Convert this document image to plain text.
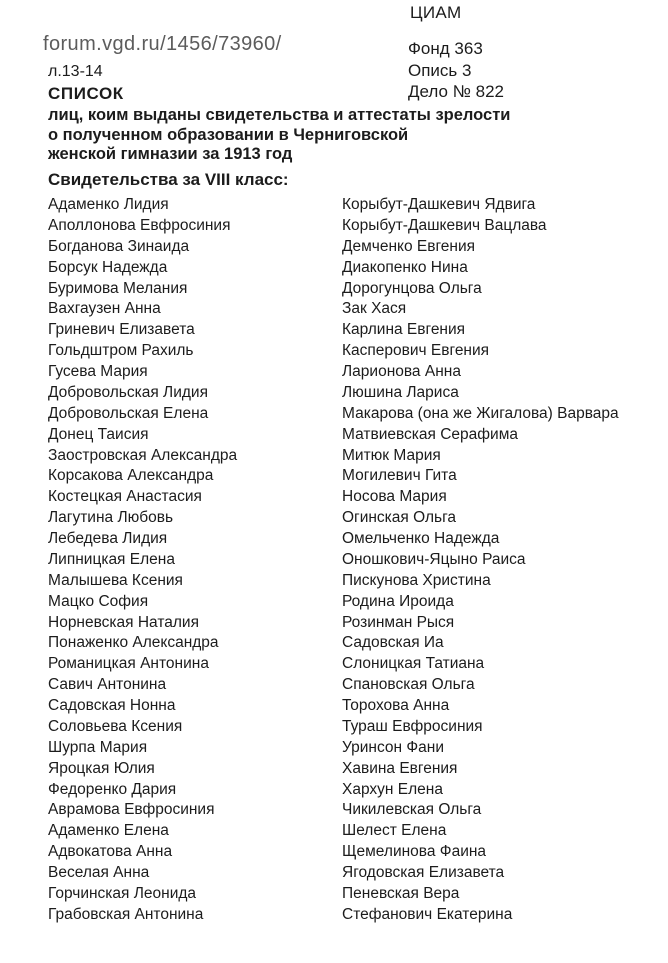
ЦИАМ
forum.vgd.ru/1456/73960/	Фонд 363
Опись 3
Дело № 822
л.13-14
СПИСОК
лиц, коим выданы свидетельства и аттестаты зрелости
о полученном образовании в Черниговской
женской гимназии за 1913 год
Свидетельства за VIII класс:
Адаменко Лидия	Корыбут-Дашкевич Ядвига
Аполлонова Евфросиния	Корыбут-Дашкевич Вацлава
Богданова Зинаида	Демченко Евгения
Борсук Надежда	Диакопенко Нина
Буримова Мелания	Дорогунцова Ольга
Вахгаузен Анна	Зак Хася
Гриневич Елизавета	Карлина Евгения
Гольдштром Рахиль	Касперович Евгения
Гусева Мария	Ларионова Анна
Добровольская Лидия	Люшина Лариса
Добровольская Елена	Макарова (она же Жигалова) Варвара
Донец Таисия	Матвиевская Серафима
Заостровская Александра	Митюк Мария
Корсакова Александра	Могилевич Гита
Костецкая Анастасия	Носова Мария
Лагутина Любовь	Огинская Ольга
Лебедева Лидия	Омельченко Надежда
Липницкая Елена	Оношкович-Яцыно Раиса
Малышева Ксения	Пискунова Христина
Мацко София	Родина Ироида
Норневская Наталия	Розинман Рыся
Понаженко Александра	Садовская Иа
Романицкая Антонина	Слоницкая Татиана
Савич Антонина	Спановская Ольга
Садовская Нонна	Торохова Анна
Соловьева Ксения	Тураш Евфросиния
Шурпа Мария	Уринсон Фани
Яроцкая Юлия	Хавина Евгения
Федоренко Дария	Хархун Елена
Аврамова Евфросиния	Чикилевская Ольга
Адаменко Елена	Шелест Елена
Адвокатова Анна	Щемелинова Фаина
Веселая Анна	Ягодовская Елизавета
Горчинская Леонида	Пеневская Вера
Грабовская Антонина	Стефанович Екатерина
